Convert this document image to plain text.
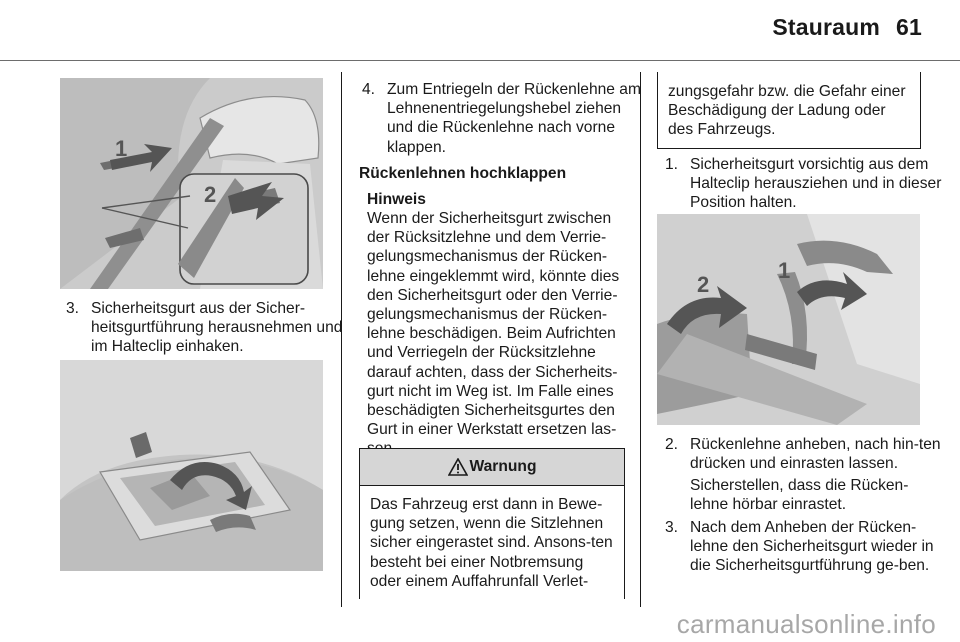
Stauraum 61
1
2
3. Sicherheitsgurt aus der Sicher-heitsgurtführung herausnehmen und im Halteclip einhaken.
4. Zum Entriegeln der Rückenlehne am Lehnenentriegelungshebel ziehen und die Rückenlehne nach vorne klappen.
Rückenlehnen hochklappen
Hinweis
Wenn der Sicherheitsgurt zwischen der Rücksitzlehne und dem Verrie-gelungsmechanismus der Rücken-lehne eingeklemmt wird, könnte dies den Sicherheitsgurt oder den Verrie-gelungsmechanismus der Rücken-lehne beschädigen. Beim Aufrichten und Verriegeln der Rücksitzlehne darauf achten, dass der Sicherheits-gurt nicht im Weg ist. Im Falle eines beschädigten Sicherheitsgurtes den Gurt in einer Werkstatt ersetzen las-
Warnung
Das Fahrzeug erst dann in Bewe-gung setzen, wenn die Sitzlehnen sicher eingerastet sind. Ansons-ten besteht bei einer Notbremsung oder einem Auffahrunfall Verlet-
zungsgefahr bzw. die Gefahr einer Beschädigung der Ladung oder des Fahrzeugs.
1. Sicherheitsgurt vorsichtig aus dem Halteclip herausziehen und in dieser Position halten.
2
1
2. Rückenlehne anheben, nach hin-ten drücken und einrasten lassen.
Sicherstellen, dass die Rücken-lehne hörbar einrastet.
3. Nach dem Anheben der Rücken-lehne den Sicherheitsgurt wieder in die Sicherheitsgurtführung ge-ben.
carmanualsonline.info
